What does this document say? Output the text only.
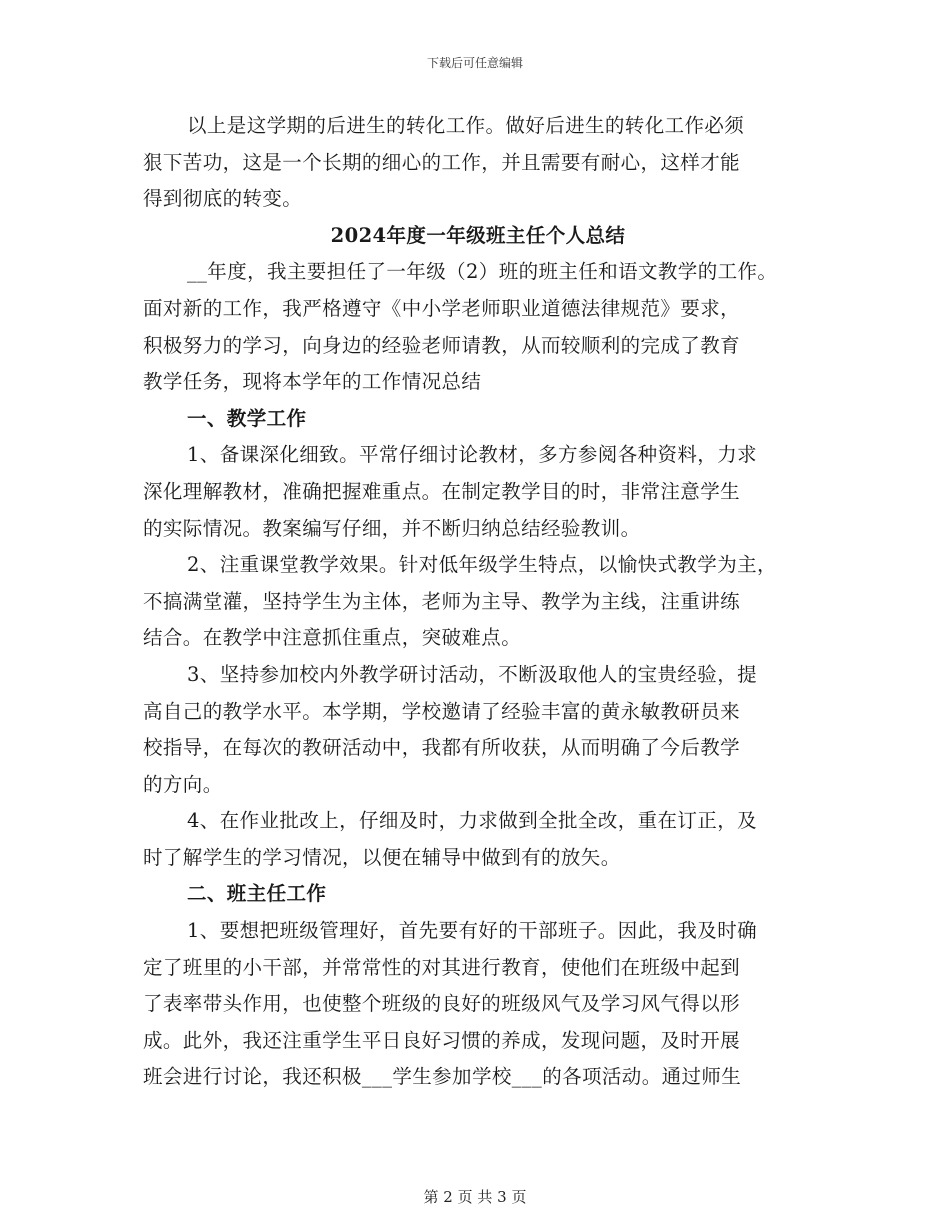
下载后可任意编辑
以上是这学期的后进生的转化工作。做好后进生的转化工作必须
狠下苦功，这是一个长期的细心的工作，并且需要有耐心，这样才能
得到彻底的转变。
2024年度一年级班主任个人总结
__年度，我主要担任了一年级（2）班的班主任和语文教学的工作。
面对新的工作，我严格遵守《中小学老师职业道德法律规范》要求，
积极努力的学习，向身边的经验老师请教，从而较顺利的完成了教育
教学任务，现将本学年的工作情况总结
一、教学工作
1、备课深化细致。平常仔细讨论教材，多方参阅各种资料，力求
深化理解教材，准确把握难重点。在制定教学目的时，非常注意学生
的实际情况。教案编写仔细，并不断归纳总结经验教训。
2、注重课堂教学效果。针对低年级学生特点，以愉快式教学为主，
不搞满堂灌，坚持学生为主体，老师为主导、教学为主线，注重讲练
结合。在教学中注意抓住重点，突破难点。
3、坚持参加校内外教学研讨活动，不断汲取他人的宝贵经验，提
高自己的教学水平。本学期，学校邀请了经验丰富的黄永敏教研员来
校指导，在每次的教研活动中，我都有所收获，从而明确了今后教学
的方向。
4、在作业批改上，仔细及时，力求做到全批全改，重在订正，及
时了解学生的学习情况，以便在辅导中做到有的放矢。
二、班主任工作
1、要想把班级管理好，首先要有好的干部班子。因此，我及时确
定了班里的小干部，并常常性的对其进行教育，使他们在班级中起到
了表率带头作用，也使整个班级的良好的班级风气及学习风气得以形
成。此外，我还注重学生平日良好习惯的养成，发现问题，及时开展
班会进行讨论，我还积极___学生参加学校___的各项活动。通过师生
第 2 页 共 3 页
